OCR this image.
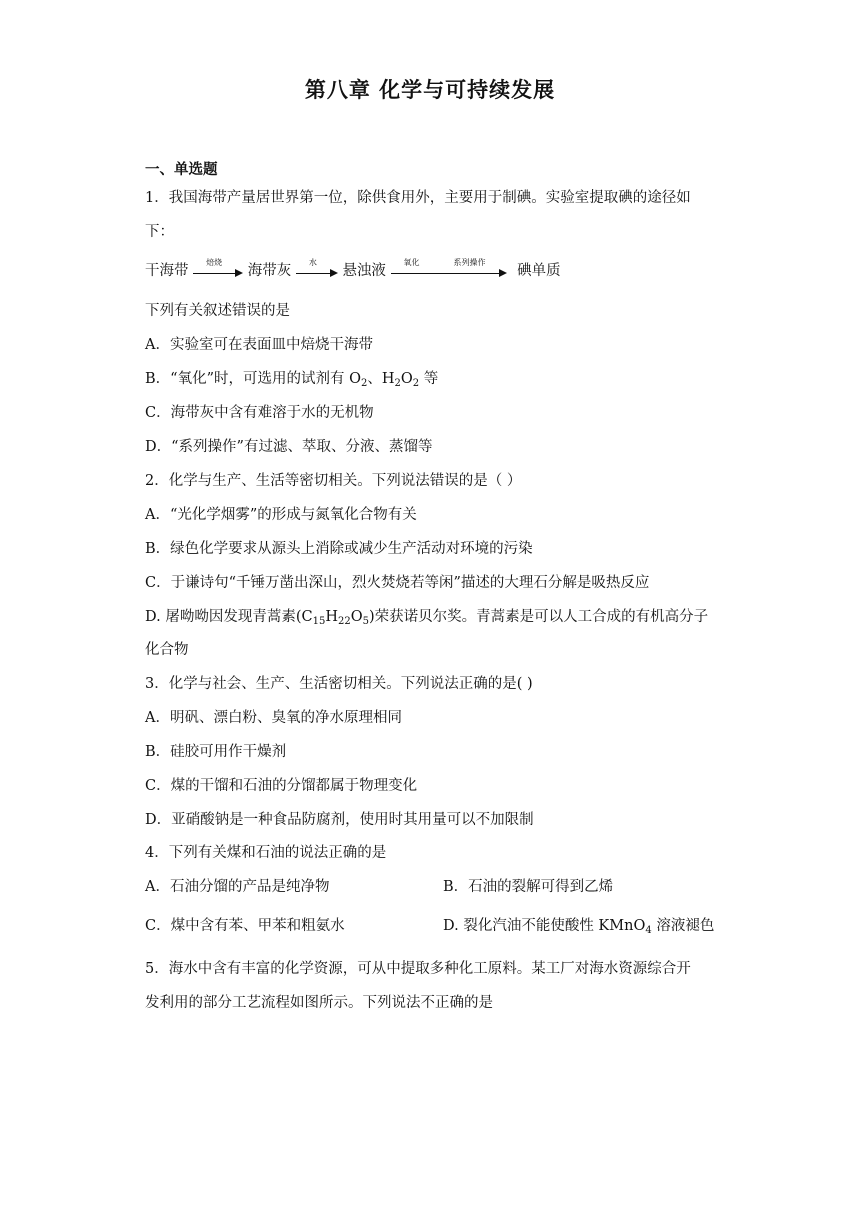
第八章 化学与可持续发展
一、单选题
1．我国海带产量居世界第一位，除供食用外，主要用于制碘。实验室提取碘的途径如
下：
干海带
焙烧
海带灰
水
悬浊液
氧化	系列操作
碘单质
下列有关叙述错误的是
A．实验室可在表面皿中焙烧干海带
B．“氧化”时，可选用的试剂有 $O_2$、$H_2O_2$ 等
C．海带灰中含有难溶于水的无机物
D．“系列操作”有过滤、萃取、分液、蒸馏等
2．化学与生产、生活等密切相关。下列说法错误的是（ ）
A．“光化学烟雾”的形成与氮氧化合物有关
B．绿色化学要求从源头上消除或减少生产活动对环境的污染
C．于谦诗句“千锤万凿出深山，烈火焚烧若等闲”描述的大理石分解是吸热反应
D. 屠呦呦因发现青蒿素$(C_{15}H_{22}O_5)$荣获诺贝尔奖。青蒿素是可以人工合成的有机高分子
化合物
3．化学与社会、生产、生活密切相关。下列说法正确的是( )
A．明矾、漂白粉、臭氧的净水原理相同
B．硅胶可用作干燥剂
C．煤的干馏和石油的分馏都属于物理变化
D．亚硝酸钠是一种食品防腐剂，使用时其用量可以不加限制
4．下列有关煤和石油的说法正确的是
A．石油分馏的产品是纯净物	B．石油的裂解可得到乙烯
C．煤中含有苯、甲苯和粗氨水	D. 裂化汽油不能使酸性 KMnO$_4$ 溶液褪色
5．海水中含有丰富的化学资源，可从中提取多种化工原料。某工厂对海水资源综合开
发利用的部分工艺流程如图所示。下列说法不正确的是
